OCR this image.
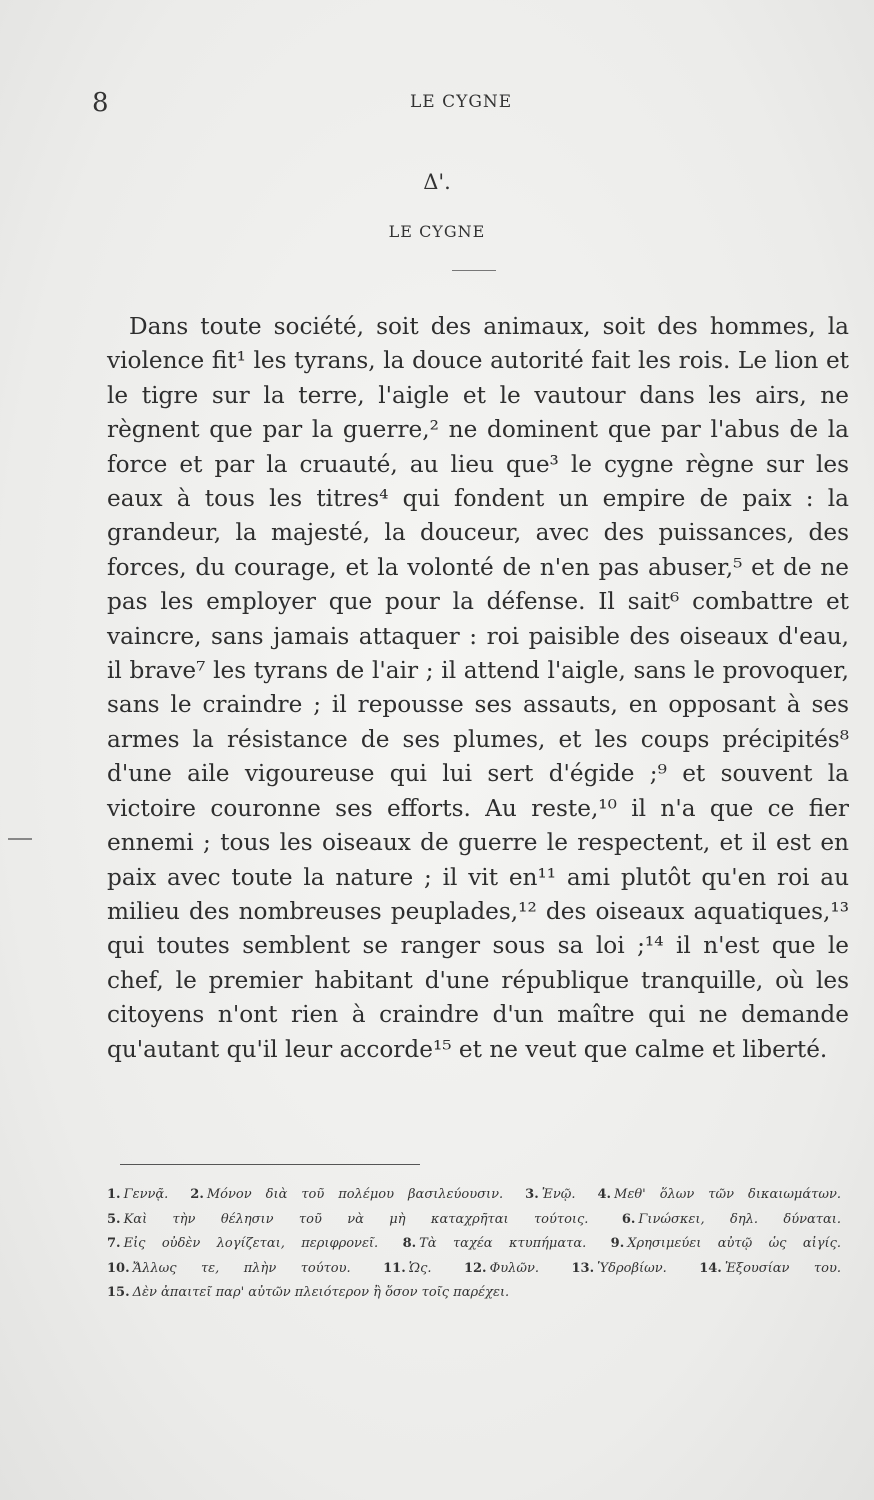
8	LE CYGNE
Δ'.
LE CYGNE

Dans toute société, soit des animaux, soit des hommes, la violence fit¹ les tyrans, la douce autorité fait les rois. Le lion et le tigre sur la terre, l'aigle et le vautour dans les airs, ne règnent que par la guerre,² ne dominent que par l'abus de la force et par la cruauté, au lieu que³ le cygne règne sur les eaux à tous les titres⁴ qui fondent un empire de paix : la grandeur, la majesté, la douceur, avec des puissances, des forces, du courage, et la volonté de n'en pas abuser,⁵ et de ne pas les employer que pour la défense. Il sait⁶ combattre et vaincre, sans jamais attaquer : roi paisible des oiseaux d'eau, il brave⁷ les tyrans de l'air ; il attend l'aigle, sans le provoquer, sans le craindre ; il repousse ses assauts, en opposant à ses armes la résistance de ses plumes, et les coups précipités⁸ d'une aile vigoureuse qui lui sert d'égide ;⁹ et souvent la victoire couronne ses efforts. Au reste,¹⁰ il n'a que ce fier ennemi ; tous les oiseaux de guerre le respectent, et il est en paix avec toute la nature ; il vit en¹¹ ami plutôt qu'en roi au milieu des nombreuses peuplades,¹² des oiseaux aquatiques,¹³ qui toutes semblent se ranger sous sa loi ;¹⁴ il n'est que le chef, le premier habitant d'une république tranquille, où les citoyens n'ont rien à craindre d'un maître qui ne demande qu'autant qu'il leur accorde¹⁵ et ne veut que calme et liberté.

1. Γεννᾷ. 2. Μόνον διὰ τοῦ πολέμου βασιλεύουσιν. 3. Ἐνῷ. 4. Μεθ' ὅλων τῶν δικαιωμάτων. 5. Καὶ τὴν θέλησιν τοῦ νὰ μὴ καταχρῆται τούτοις.	6. Γινώσκει, δηλ. δύναται. 7. Εἰς οὐδὲν λογίζεται, περιφρονεῖ. 8. Τὰ ταχέα κτυπήματα. 9. Χρησιμεύει αὐτῷ ὡς αἰγίς. 10. Ἄλλως τε, πλὴν τούτου. 11. Ὡς. 12. Φυλῶν. 13. Ὑδροβίων. 14. Ἐξουσίαν του. 15. Δὲν ἀπαιτεῖ παρ' αὐτῶν πλειότερον ἢ ὅσον τοῖς παρέχει.
